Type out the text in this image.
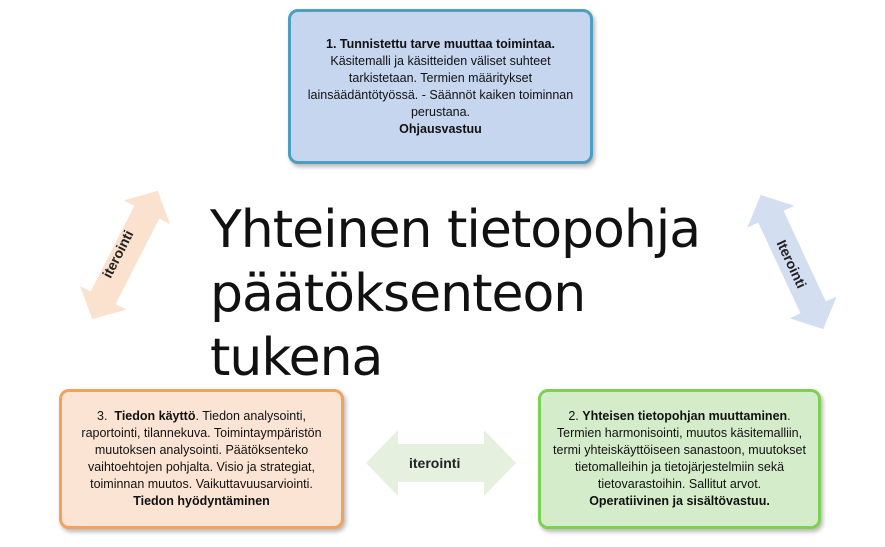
1. Tunnistettu tarve muuttaa toimintaa.

Käsitemalli ja käsitteiden väliset suhteet tarkistetaan. Termien määritykset lainsäädäntötyössä. - Säännöt kaiken toiminnan perustana.

Ohjausvastuu

Yhteinen tietopohja
päätöksenteon tukena

3. Tiedon käyttö. Tiedon analysointi, raportointi, tilannekuva. Toimintaympäristön muutoksen analysointi. Päätöksenteko vaihtoehtojen pohjalta. Visio ja strategiat, toiminnan muutos. Vaikuttavuusarviointi.

Tiedon hyödyntäminen

2. Yhteisen tietopohjan muuttaminen. Termien harmonisointi, muutos käsitemalliin, termi yhteiskäyttöiseen sanastoon, muutokset tietomalleihin ja tietojärjestelmiin sekä tietovarastoihin. Sallitut arvot.

Operatiivinen ja sisältövastuu.

iterointi	Iterointi
iterointi
